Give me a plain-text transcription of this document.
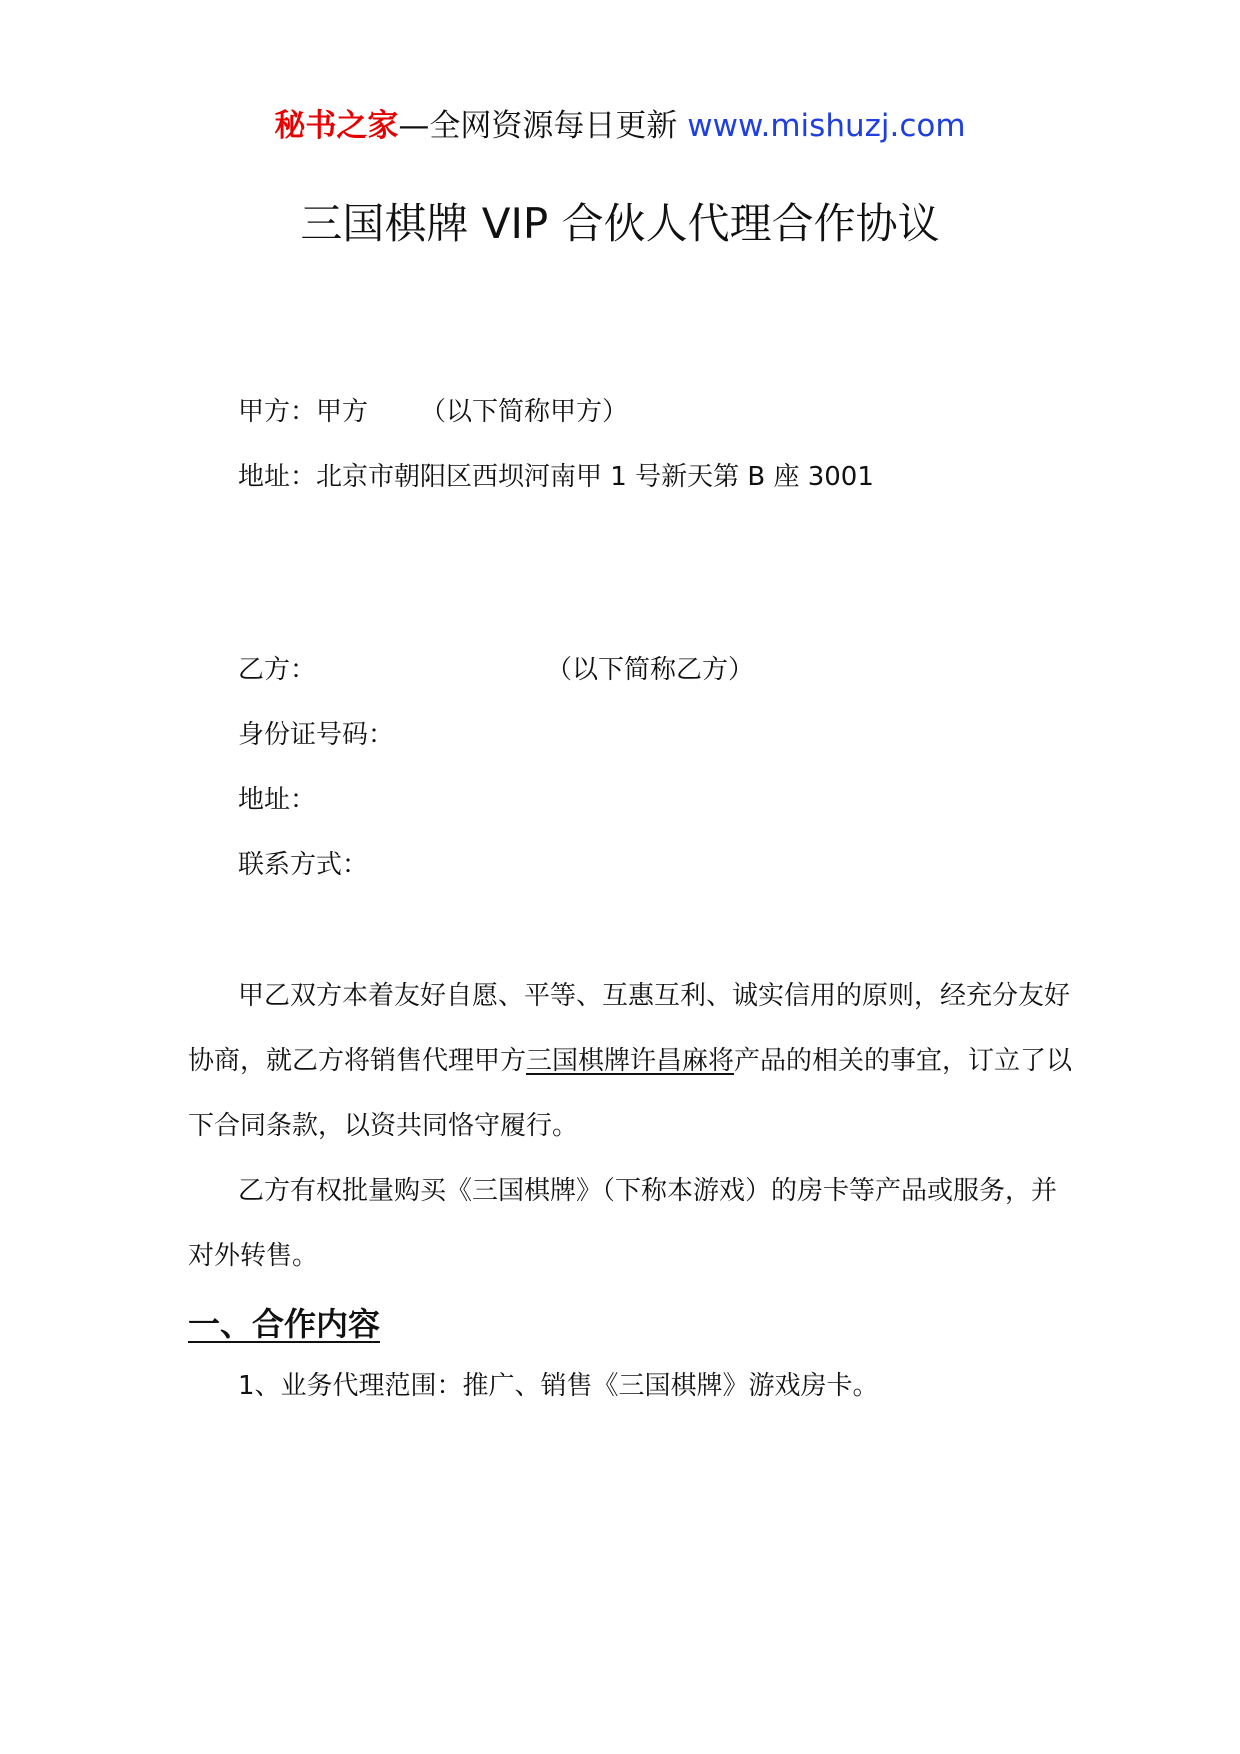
秘书之家—全网资源每日更新 www.mishuzj.com
三国棋牌 VIP 合伙人代理合作协议
甲方：甲方 （以下简称甲方）
地址：北京市朝阳区西坝河南甲 1 号新天第 B 座 3001
乙方：	（以下简称乙方）
身份证号码：
地址：
联系方式：
甲乙双方本着友好自愿、平等、互惠互利、诚实信用的原则，经充分友好
协商，就乙方将销售代理甲方三国棋牌许昌麻将产品的相关的事宜，订立了以
下合同条款，以资共同恪守履行。
乙方有权批量购买《三国棋牌》（下称本游戏）的房卡等产品或服务，并
对外转售。
一、合作内容
1、业务代理范围：推广、销售《三国棋牌》游戏房卡。
